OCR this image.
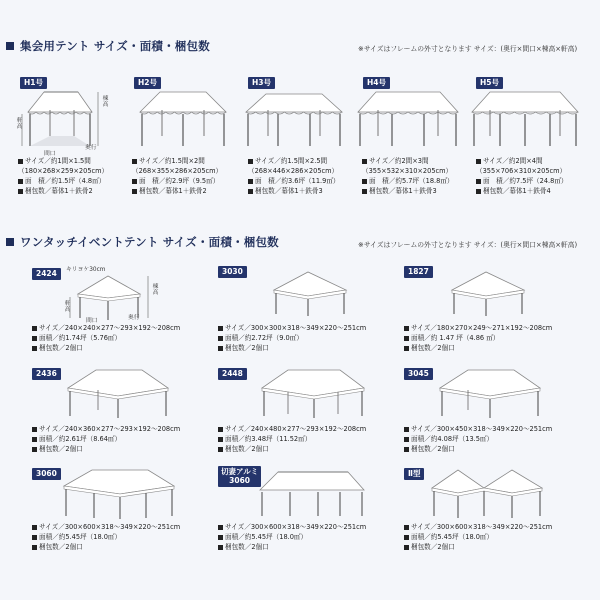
集会用テント サイズ・面積・梱包数	※サイズはフレームの外寸となります サイズ：(奥行×間口×棟高×軒高)
H1号
棟高
軒高
間口
奥行
サイズ／約1間×1.5間
（180×268×259×205cm）
面　積／約1.5坪（4.8㎡）
梱包数／幕体1＋鉄骨2
H2号
サイズ／約1.5間×2間
（268×355×286×205cm）
面　積／約2.9坪（9.5㎡）
梱包数／幕体1＋鉄骨2
H3号
サイズ／約1.5間×2.5間
（268×446×286×205cm）
面　積／約3.6坪（11.9㎡）
梱包数／幕体1＋鉄骨3
H4号
サイズ／約2間×3間
（355×532×310×205cm）
面　積／約5.7坪（18.8㎡）
梱包数／幕体1＋鉄骨3
H5号
サイズ／約2間×4間
（355×706×310×205cm）
面　積／約7.5坪（24.8㎡）
梱包数／幕体1＋鉄骨4
ワンタッチイベントテント サイズ・面積・梱包数	※サイズはフレームの外寸となります サイズ：(奥行×間口×棟高×軒高)
2424	キリヨケ30cm
棟高
軒高
間口	奥行
サイズ／240×240×277〜293×192〜208cm
面積／約1.74坪（5.76㎡）
梱包数／2個口
3030
サイズ／300×300×318〜349×220〜251cm
面積／約2.72坪（9.0㎡）
梱包数／2個口
1827
サイズ／180×270×249〜271×192〜208cm
面積／約 1.47 坪（4.86 ㎡）
梱包数／2個口
2436
サイズ／240×360×277〜293×192〜208cm
面積／約2.61坪（8.64㎡）
梱包数／2個口
2448
サイズ／240×480×277〜293×192〜208cm
面積／約3.48坪（11.52㎡）
梱包数／2個口
3045
サイズ／300×450×318〜349×220〜251cm
面積／約4.08坪（13.5㎡）
梱包数／2個口
3060
サイズ／300×600×318〜349×220〜251cm
面積／約5.45坪（18.0㎡）
梱包数／2個口
切妻アルミ
3060
サイズ／300×600×318〜349×220〜251cm
面積／約5.45坪（18.0㎡）
梱包数／2個口
Ⅱ型
サイズ／300×600×318〜349×220〜251cm
面積／約5.45坪（18.0㎡）
梱包数／2個口
